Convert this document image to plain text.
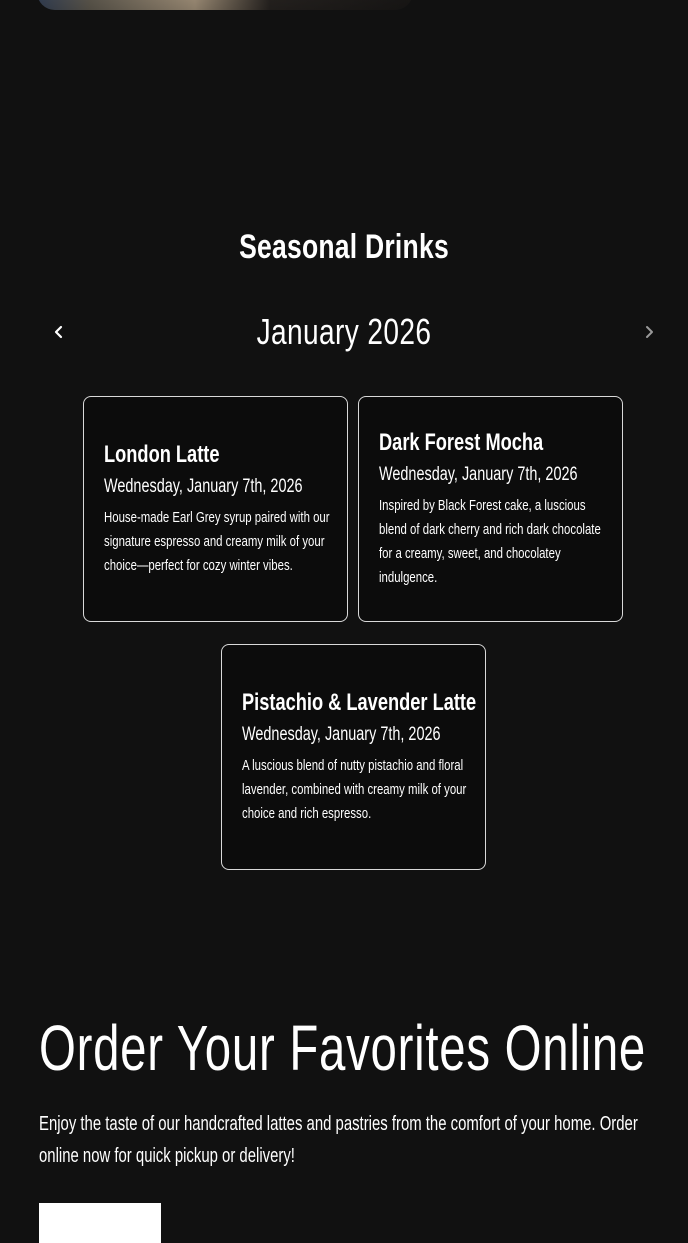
Seasonal Drinks
January 2026
London Latte
Wednesday, January 7th, 2026

House-made Earl Grey syrup paired with our signature espresso and creamy milk of your choice—perfect for cozy winter vibes.

Dark Forest Mocha
Wednesday, January 7th, 2026

Inspired by Black Forest cake, a luscious blend of dark cherry and rich dark chocolate for a creamy, sweet, and chocolatey indulgence.

Pistachio & Lavender Latte
Wednesday, January 7th, 2026

A luscious blend of nutty pistachio and floral lavender, combined with creamy milk of your choice and rich espresso.

Order Your Favorites Online

Enjoy the taste of our handcrafted lattes and pastries from the comfort of your home. Order online now for quick pickup or delivery!
